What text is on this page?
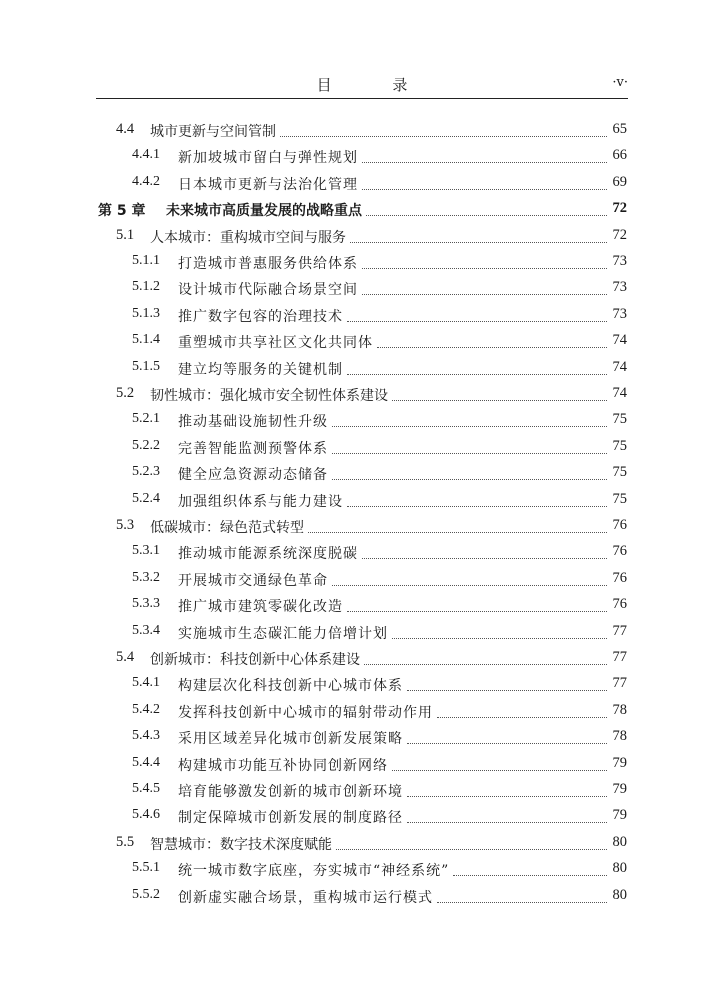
目 录	·v·
4.4 城市更新与空间管制	65
4.4.1 新加坡城市留白与弹性规划	66
4.4.2 日本城市更新与法治化管理	69
第 5 章 未来城市高质量发展的战略重点	72
5.1 人本城市：重构城市空间与服务	72
5.1.1 打造城市普惠服务供给体系	73
5.1.2 设计城市代际融合场景空间	73
5.1.3 推广数字包容的治理技术	73
5.1.4 重塑城市共享社区文化共同体	74
5.1.5 建立均等服务的关键机制	74
5.2 韧性城市：强化城市安全韧性体系建设	74
5.2.1 推动基础设施韧性升级	75
5.2.2 完善智能监测预警体系	75
5.2.3 健全应急资源动态储备	75
5.2.4 加强组织体系与能力建设	75
5.3 低碳城市：绿色范式转型	76
5.3.1 推动城市能源系统深度脱碳	76
5.3.2 开展城市交通绿色革命	76
5.3.3 推广城市建筑零碳化改造	76
5.3.4 实施城市生态碳汇能力倍增计划	77
5.4 创新城市：科技创新中心体系建设	77
5.4.1 构建层次化科技创新中心城市体系	77
5.4.2 发挥科技创新中心城市的辐射带动作用	78
5.4.3 采用区域差异化城市创新发展策略	78
5.4.4 构建城市功能互补协同创新网络	79
5.4.5 培育能够激发创新的城市创新环境	79
5.4.6 制定保障城市创新发展的制度路径	79
5.5 智慧城市：数字技术深度赋能	80
5.5.1 统一城市数字底座，夯实城市“神经系统”	80
5.5.2 创新虚实融合场景，重构城市运行模式	80
